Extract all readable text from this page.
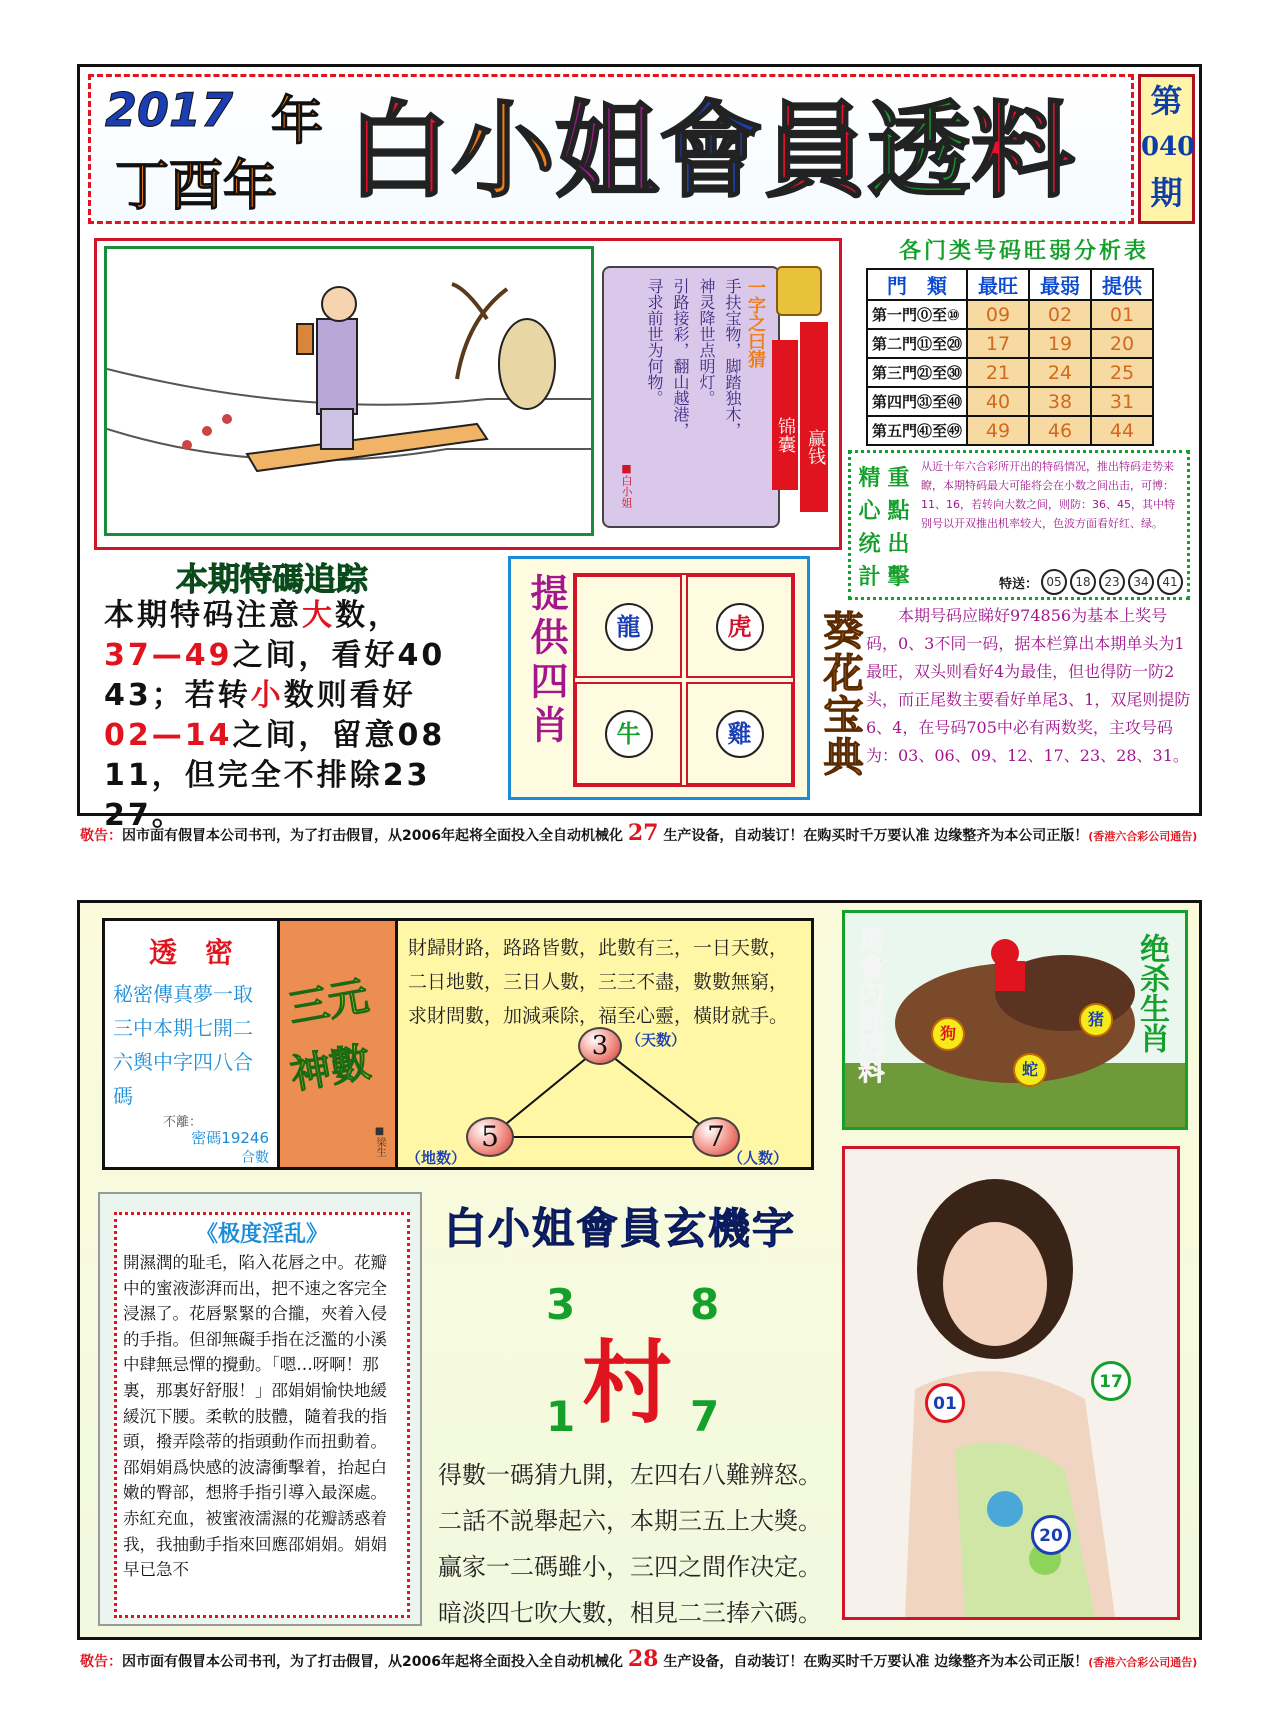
2017 年
丁酉年 白小姐會員透料	第
040
期
一字之曰猜
手扶宝物，脚踏独木，
神灵降世点明灯。
引路接彩，翻山越港，
寻求前世为何物。
■白小姐
锦囊 赢钱
各门类号码旺弱分析表
門　類	最旺	最弱	提供
第一門⓪至⑩	09	02	01
第二門⑪至⑳	17	19	20
第三門㉑至㉚	21	24	25
第四門㉛至㊵	40	38	31
第五門㊶至㊾	49	46	44
精 重
心 點
统 出
計 擊
从近十年六合彩所开出的特码情况，推出特码走势来瞭，本期特码最大可能将会在小数之间出击，可博：11、16，若转向大数之间，则防：36、45，其中特别号以开双推出机率较大，色波方面看好红、绿。
特送： 05	18	23	34	41
本期特碼追踪
本期特码注意大数，
37—49之间，看好40
43；若转小数则看好
02—14之间，留意08
11，但完全不排除23
27。
提供四肖	龍	虎
牛	雞	葵花宝典	本期号码应睇好974856为基本上奖号码，0、3不同一码，据本栏算出本期单头为1最旺，双头则看好4为最佳，但也得防一防2头，而正尾数主要看好单尾3、1，双尾则提防6、4，在号码705中必有两数奖，主攻号码为：03、06、09、12、17、23、28、31。
敬告：因市面有假冒本公司书刊，为了打击假冒，从2006年起将全面投入全自动机械化 27 生产设备，自动装订！在购买时千万要认准 边缘整齐为本公司正版！(香港六合彩公司通告)
透　密
秘密傳真夢一取
三中本期七開二
六舆中字四八合
碼
不離：
密碼19246
合數
三元
神數
■梁生
財歸財路，路路皆數，此數有三，一日天數，
二日地數，三日人數，三三不盡，數數無窮，
求財問數，加減乘除，福至心靈，橫財就手。
3	（天数）
5
（地数）
7
（人数）
馬會內部透料	绝杀生肖
狗
蛇
猪
《极度淫乱》
開濕潤的耻毛，陷入花唇之中。花瓣中的蜜液澎湃而出，把不速之客完全浸濕了。花唇緊緊的合攏，夾着入侵的手指。但卻無礙手指在泛濫的小溪中肆無忌憚的攪動。「嗯…呀啊！那裏，那裏好舒服！」邵娟娟愉快地緩緩沉下腰。柔軟的肢體，隨着我的指頭，撥弄陰蒂的指頭動作而扭動着。邵娟娟爲快感的波濤衝擊着，抬起白嫩的臀部，想將手指引導入最深處。赤紅充血，被蜜液濡濕的花瓣誘惑着我，我抽動手指來回應邵娟娟。娟娟早已急不
白小姐會員玄機字
3	8
村
1	7
得數一碼猜九開，左四右八難辨怒。
二話不説舉起六，本期三五上大獎。
贏家一二碼雖小，三四之間作决定。
暗淡四七吹大數，相見二三捧六碼。
01
17
20
敬告：因市面有假冒本公司书刊，为了打击假冒，从2006年起将全面投入全自动机械化 28 生产设备，自动装订！在购买时千万要认准 边缘整齐为本公司正版！(香港六合彩公司通告)
